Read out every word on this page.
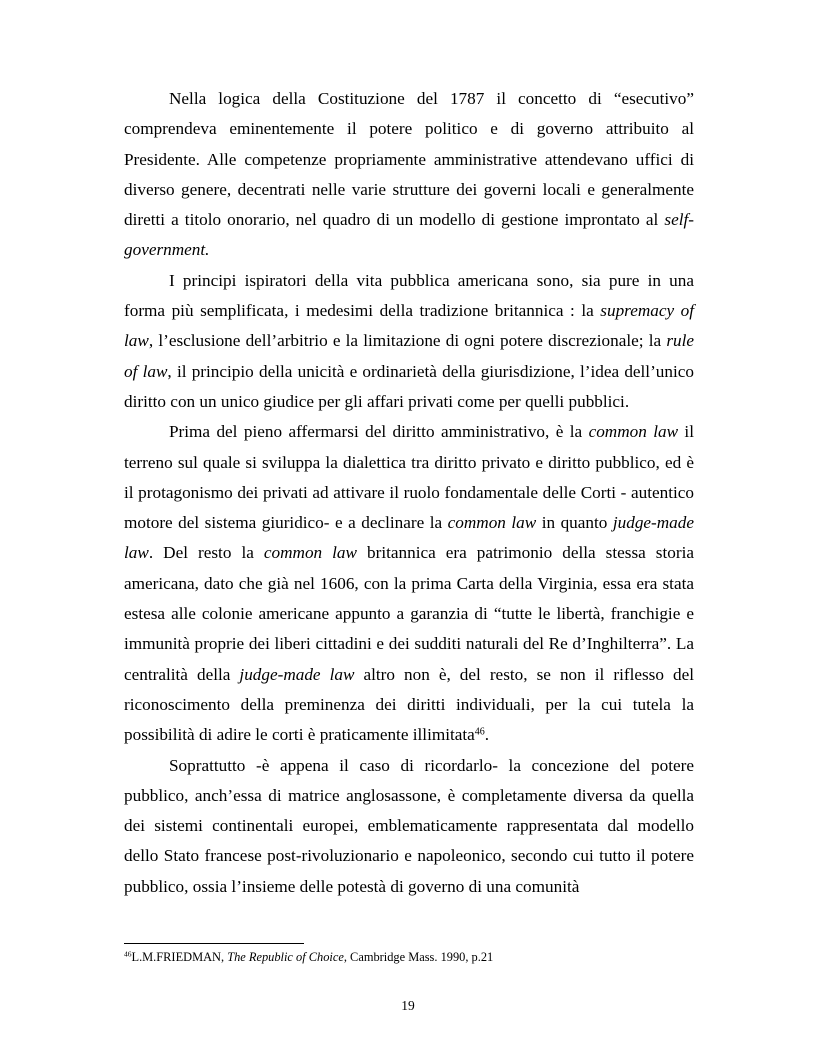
Nella logica della Costituzione del 1787 il concetto di “esecutivo” comprendeva eminentemente il potere politico e di governo attribuito al Presidente. Alle competenze propriamente amministrative attendevano uffici di diverso genere, decentrati nelle varie strutture dei governi locali e generalmente diretti a titolo onorario, nel quadro di un modello di gestione improntato al self-government.

I principi ispiratori della vita pubblica americana sono, sia pure in una forma più semplificata, i medesimi della tradizione britannica : la supremacy of law, l’esclusione dell’arbitrio e la limitazione di ogni potere discrezionale; la rule of law, il principio della unicità e ordinarietà della giurisdizione, l’idea dell’unico diritto con un unico giudice per gli affari privati come per quelli pubblici.

Prima del pieno affermarsi del diritto amministrativo, è la common law il terreno sul quale si sviluppa la dialettica tra diritto privato e diritto pubblico, ed è il protagonismo dei privati ad attivare il ruolo fondamentale delle Corti - autentico motore del sistema giuridico- e a declinare la common law in quanto judge-made law. Del resto la common law britannica era patrimonio della stessa storia americana, dato che già nel 1606, con la prima Carta della Virginia, essa era stata estesa alle colonie americane appunto a garanzia di “tutte le libertà, franchigie e immunità proprie dei liberi cittadini e dei sudditi naturali del Re d’Inghilterra”. La centralità della judge-made law altro non è, del resto, se non il riflesso del riconoscimento della preminenza dei diritti individuali, per la cui tutela la possibilità di adire le corti è praticamente illimitata$^{46}$.

Soprattutto -è appena il caso di ricordarlo- la concezione del potere pubblico, anch’essa di matrice anglosassone, è completamente diversa da quella dei sistemi continentali europei, emblematicamente rappresentata dal modello dello Stato francese post-rivoluzionario e napoleonico, secondo cui tutto il potere pubblico, ossia l’insieme delle potestà di governo di una comunità

$^{46}$L.M.FRIEDMAN, The Republic of Choice, Cambridge Mass. 1990, p.21
19
